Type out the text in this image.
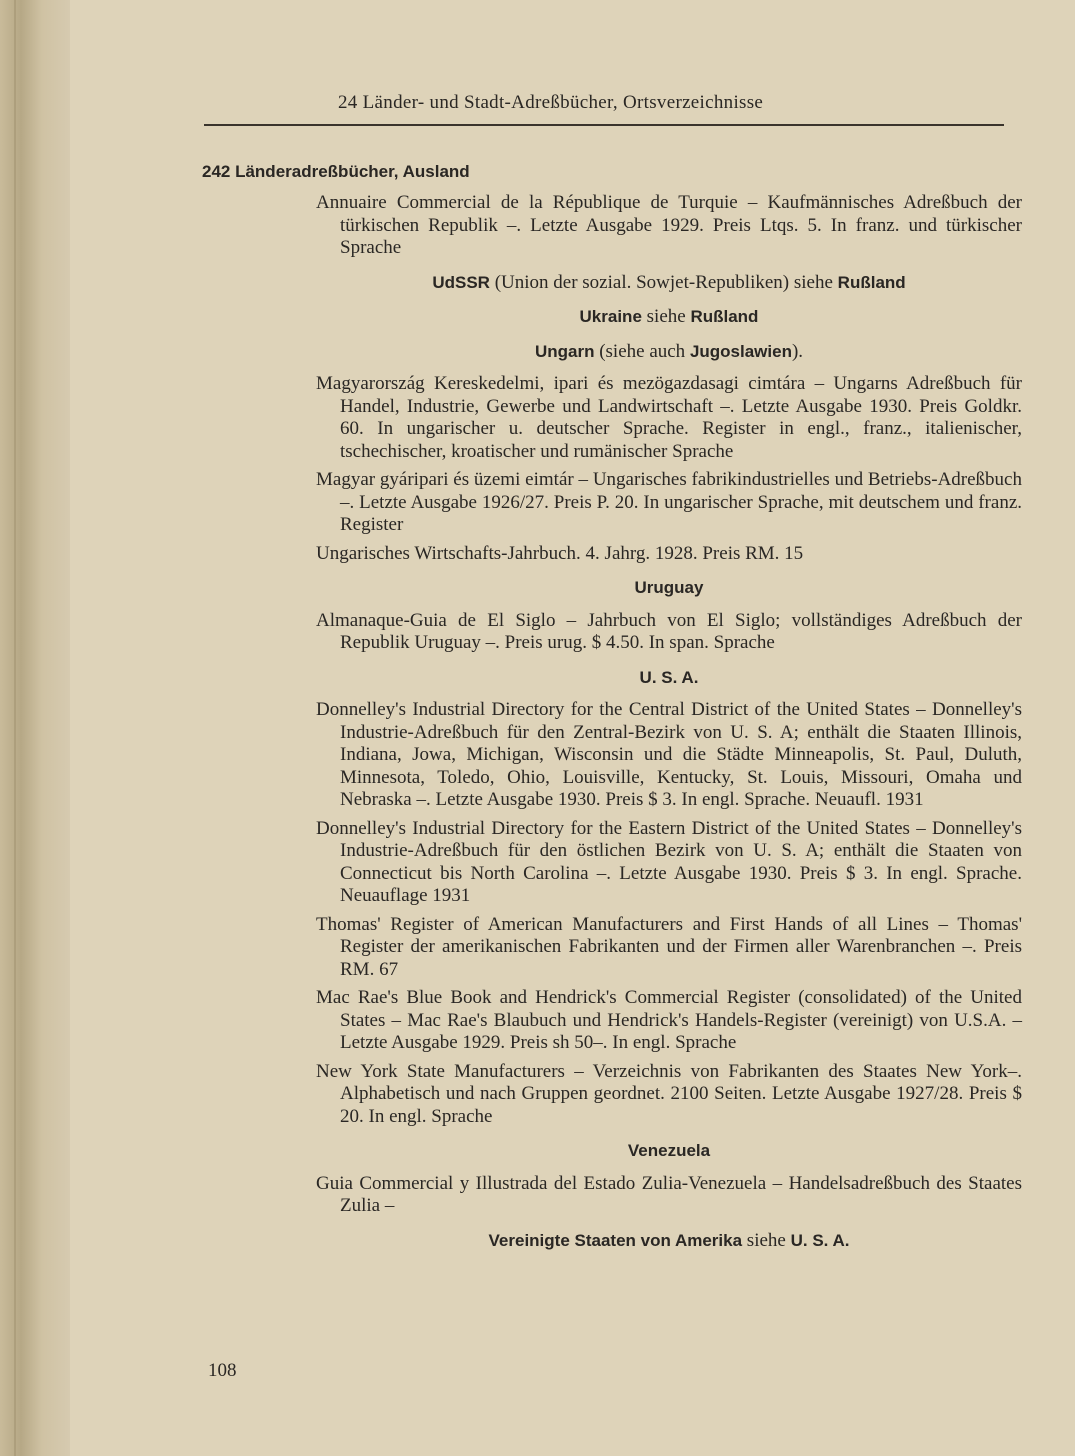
24 Länder- und Stadt-Adreßbücher, Ortsverzeichnisse
242 Länderadreßbücher, Ausland

Annuaire Commercial de la République de Turquie – Kaufmännisches Adreßbuch der türkischen Republik –. Letzte Ausgabe 1929. Preis Ltqs. 5. In franz. und türkischer Sprache

UdSSR (Union der sozial. Sowjet-Republiken) siehe Rußland
Ukraine siehe Rußland
Ungarn (siehe auch Jugoslawien).

Magyarország Kereskedelmi, ipari és mezögazdasagi cimtára – Ungarns Adreßbuch für Handel, Industrie, Gewerbe und Landwirtschaft –. Letzte Ausgabe 1930. Preis Goldkr. 60. In ungarischer u. deutscher Sprache. Register in engl., franz., italienischer, tschechischer, kroatischer und rumänischer Sprache

Magyar gyáripari és üzemi eimtár – Ungarisches fabrikindustrielles und Betriebs-Adreßbuch –. Letzte Ausgabe 1926/27. Preis P. 20. In ungarischer Sprache, mit deutschem und franz. Register

Ungarisches Wirtschafts-Jahrbuch. 4. Jahrg. 1928. Preis RM. 15

Uruguay

Almanaque-Guia de El Siglo – Jahrbuch von El Siglo; vollständiges Adreßbuch der Republik Uruguay –. Preis urug. $ 4.50. In span. Sprache

U. S. A.

Donnelley's Industrial Directory for the Central District of the United States – Donnelley's Industrie-Adreßbuch für den Zentral-Bezirk von U. S. A; enthält die Staaten Illinois, Indiana, Jowa, Michigan, Wisconsin und die Städte Minneapolis, St. Paul, Duluth, Minnesota, Toledo, Ohio, Louisville, Kentucky, St. Louis, Missouri, Omaha und Nebraska –. Letzte Ausgabe 1930. Preis $ 3. In engl. Sprache. Neuaufl. 1931

Donnelley's Industrial Directory for the Eastern District of the United States – Donnelley's Industrie-Adreßbuch für den östlichen Bezirk von U. S. A; enthält die Staaten von Connecticut bis North Carolina –. Letzte Ausgabe 1930. Preis $ 3. In engl. Sprache. Neuauflage 1931

Thomas' Register of American Manufacturers and First Hands of all Lines – Thomas' Register der amerikanischen Fabrikanten und der Firmen aller Warenbranchen –. Preis RM. 67

Mac Rae's Blue Book and Hendrick's Commercial Register (consolidated) of the United States – Mac Rae's Blaubuch und Hendrick's Handels-Register (vereinigt) von U.S.A. – Letzte Ausgabe 1929. Preis sh 50–. In engl. Sprache

New York State Manufacturers – Verzeichnis von Fabrikanten des Staates New York–. Alphabetisch und nach Gruppen geordnet. 2100 Seiten. Letzte Ausgabe 1927/28. Preis $ 20. In engl. Sprache

Venezuela

Guia Commercial y Illustrada del Estado Zulia-Venezuela – Handelsadreßbuch des Staates Zulia –

Vereinigte Staaten von Amerika siehe U. S. A.
108
